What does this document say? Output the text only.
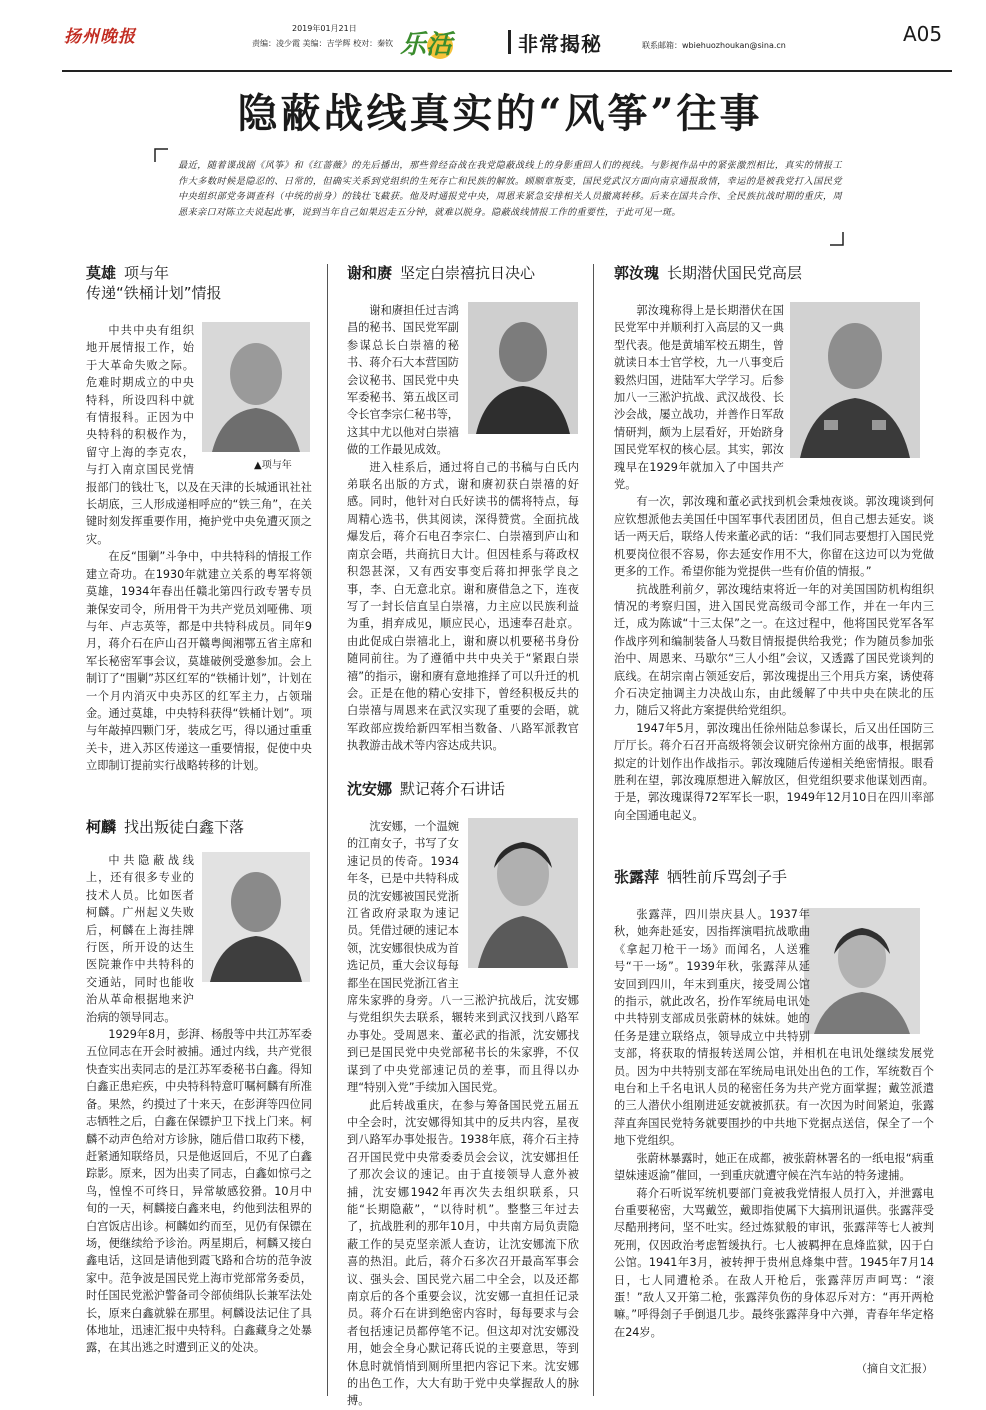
扬州晚报	2019年01月21日
责编：凌少霞 美编：吉学辉 校对：秦钦 乐活	非常揭秘	联系邮箱：wbiehuozhoukan@sina.cn	A05
隐蔽战线真实的“风筝”往事
最近，随着谍战剧《风筝》和《红蔷薇》的先后播出，那些曾经奋战在我党隐蔽战线上的身影重回人们的视线。与影视作品中的紧张激烈相比，真实的情报工作大多数时候是隐忍的、日常的，但确实关系到党组织的生死存亡和民族的解放。顾顺章叛变，国民党武汉方面向南京通报敌情，幸运的是被我党打入国民党中央组织部党务调查科（中统的前身）的钱壮飞截获。他及时通报党中央，周恩来紧急安排相关人员撤离转移。后来在国共合作、全民族抗战时期的重庆，周恩来亲口对陈立夫说起此事，说到当年自己如果迟走五分钟，就难以脱身。隐蔽战线情报工作的重要性，于此可见一斑。
莫雄 项与年
传递“铁桶计划”情报
▲项与年

中共中央有组织地开展情报工作，始于大革命失败之际。危难时期成立的中央特科，所设四科中就有情报科。正因为中央特科的积极作为，留守上海的李克农，与打入南京国民党情报部门的钱壮飞，以及在天津的长城通讯社社长胡底，三人形成递相呼应的“铁三角”，在关键时刻发挥重要作用，掩护党中央免遭灭顶之灾。

在反“围剿”斗争中，中共特科的情报工作建立奇功。在1930年就建立关系的粤军将领莫雄，1934年春出任赣北第四行政专署专员兼保安司令，所用骨干为共产党员刘哑佛、项与年、卢志英等，都是中共特科成员。同年9月，蒋介石在庐山召开赣粤闽湘鄂五省主席和军长秘密军事会议，莫雄破例受邀参加。会上制订了“围剿”苏区红军的“铁桶计划”，计划在一个月内消灭中央苏区的红军主力，占领瑞金。通过莫雄，中央特科获得“铁桶计划”。项与年敲掉四颗门牙，装成乞丐，得以通过重重关卡，进入苏区传递这一重要情报，促使中央立即制订提前实行战略转移的计划。

柯麟 找出叛徒白鑫下落

中共隐蔽战线上，还有很多专业的技术人员。比如医者柯麟。广州起义失败后，柯麟在上海挂牌行医，所开设的达生医院兼作中共特科的交通站，同时也能收治从革命根据地来沪治病的领导同志。

1929年8月，彭湃、杨殷等中共江苏军委五位同志在开会时被捕。通过内线，共产党很快查实出卖同志的是江苏军委秘书白鑫。得知白鑫正患疟疾，中央特科特意叮嘱柯麟有所准备。果然，约摸过了十来天，在彭湃等四位同志牺牲之后，白鑫在保镖护卫下找上门来。柯麟不动声色给对方诊脉，随后借口取药下楼，赶紧通知联络员，只是他返回后，不见了白鑫踪影。原来，因为出卖了同志，白鑫如惊弓之鸟，惶惶不可终日，异常敏感狡猾。10月中旬的一天，柯麟接白鑫来电，约他到法租界的白宫饭店出诊。柯麟如约而至，见仍有保镖在场，便继续给予诊治。两星期后，柯麟又接白鑫电话，这回是请他到霞飞路和合坊的范争波家中。范争波是国民党上海市党部常务委员，时任国民党淞沪警备司令部侦缉队长兼军法处长，原来白鑫就躲在那里。柯麟设法记住了具体地址，迅速汇报中央特科。白鑫藏身之处暴露，在其出逃之时遭到正义的处决。

谢和赓 坚定白崇禧抗日决心

谢和赓担任过吉鸿昌的秘书、国民党军副参谋总长白崇禧的秘书、蒋介石大本营国防会议秘书、国民党中央军委秘书、第五战区司令长官李宗仁秘书等，这其中尤以他对白崇禧做的工作最见成效。

进入桂系后，通过将自己的书稿与白氏内弟联名出版的方式，谢和赓初获白崇禧的好感。同时，他针对白氏好读书的儒将特点，每周精心选书，供其阅读，深得赞赏。全面抗战爆发后，蒋介石电召李宗仁、白崇禧到庐山和南京会晤，共商抗日大计。但因桂系与蒋政权积怨甚深，又有西安事变后蒋扣押张学良之事，李、白无意北京。谢和赓借急之下，连夜写了一封长信直呈白崇禧，力主应以民族利益为重，捐弃成见，顺应民心，迅速奉召赴京。由此促成白崇禧北上，谢和赓以机要秘书身份随同前往。为了遵循中共中央关于“紧跟白崇禧”的指示，谢和赓有意地推择了可以升迁的机会。正是在他的精心安排下，曾经积极反共的白崇禧与周恩来在武汉实现了重要的会晤，就军政部应拨给新四军相当数备、八路军派教官执教游击战术等内容达成共识。

沈安娜 默记蒋介石讲话

沈安娜，一个温婉的江南女子，书写了女速记员的传奇。1934年冬，已是中共特科成员的沈安娜被国民党浙江省政府录取为速记员。凭借过硬的速记本领，沈安娜很快成为首选记员，重大会议每每都坐在国民党浙江省主席朱家骅的身旁。八一三淞沪抗战后，沈安娜与党组织失去联系，辗转来到武汉找到八路军办事处。受周恩来、董必武的指派，沈安娜找到已是国民党中央党部秘书长的朱家骅，不仅谋到了中央党部速记员的差事，而且得以办理“特别入党”手续加入国民党。

此后转战重庆，在参与筹备国民党五届五中全会时，沈安娜得知其中的反共内容，星夜到八路军办事处报告。1938年底，蒋介石主持召开国民党中央常委委员会会议，沈安娜担任了那次会议的速记。由于直接领导人意外被捕，沈安娜1942年再次失去组织联系，只能“长期隐蔽”，“以待时机”。整整三年过去了，抗战胜利的那年10月，中共南方局负责隐蔽工作的吴克坚亲派人查访，让沈安娜流下欣喜的热泪。此后，蒋介石多次召开最高军事会议、强头会、国民党六届二中全会，以及还都南京后的各个重要会议，沈安娜一直担任记录员。蒋介石在讲到绝密内容时，每每要求与会者包括速记员都停笔不记。但这却对沈安娜没用，她会全身心默记蒋氏说的主要意思，等到休息时就悄悄到厕所里把内容记下来。沈安娜的出色工作，大大有助于党中央掌握敌人的脉搏。

郭汝瑰 长期潜伏国民党高层

郭汝瑰称得上是长期潜伏在国民党军中并顺利打入高层的又一典型代表。他是黄埔军校五期生，曾就读日本士官学校，九一八事变后毅然归国，进陆军大学学习。后参加八一三淞沪抗战、武汉战役、长沙会战，屡立战功，并善作日军敌情研判，颇为上层看好，开始跻身国民党军权的核心层。其实，郭汝瑰早在1929年就加入了中国共产党。

有一次，郭汝瑰和董必武找到机会秉烛夜谈。郭汝瑰谈到何应钦想派他去美国任中国军事代表团团员，但自己想去延安。谈话一两天后，联络人传来董必武的话：“我们同志要想打入国民党机要岗位很不容易，你去延安作用不大，你留在这边可以为党做更多的工作。希望你能为党提供一些有价值的情报。”

抗战胜利前夕，郭汝瑰结束将近一年的对美国国防机构组织情况的考察归国，进入国民党高级司令部工作，并在一年内三迁，成为陈诚“十三太保”之一。在这过程中，他将国民党军各军作战序列和编制装备人马数目情报提供给我党；作为随员参加张治中、周恩来、马歇尔“三人小组”会议，又透露了国民党谈判的底线。在胡宗南占领延安后，郭汝瑰提出三个用兵方案，诱使蒋介石决定抽调主力决战山东，由此缓解了中共中央在陕北的压力，随后又将此方案提供给党组织。

1947年5月，郭汝瑰出任徐州陆总参谋长，后又出任国防三厅厅长。蒋介石召开高级将领会议研究徐州方面的战事，根据郭拟定的计划作出作战指示。郭汝瑰随后传递相关绝密情报。眼看胜利在望，郭汝瑰原想进入解放区，但党组织要求他谋划西南。于是，郭汝瑰谋得72军军长一职，1949年12月10日在四川率部向全国通电起义。

张露萍 牺牲前斥骂刽子手

张露萍，四川崇庆县人。1937年秋，她奔赴延安，因指挥演唱抗战歌曲《拿起刀枪干一场》而闻名，人送雅号“干一场”。1939年秋，张露萍从延安回到四川，年末到重庆，接受周公馆的指示，就此改名，扮作军统局电讯处中共特别支部成员张蔚林的妹妹。她的任务是建立联络点，领导成立中共特别支部，将获取的情报转送周公馆，并相机在电讯处继续发展党员。因为中共特别支部在军统局电讯处出色的工作，军统数百个电台和上千名电讯人员的秘密任务为共产党方面掌握；戴笠派遣的三人潜伏小组刚进延安就被抓获。有一次因为时间紧迫，张露萍直奔国民党特务就要围抄的中共地下党据点送信，保全了一个地下党组织。

张蔚林暴露时，她正在成都，被张蔚林署名的一纸电报“病重望妹速返渝”催回，一到重庆就遭守候在汽车站的特务逮捕。

蒋介石听说军统机要部门竟被我党情报人员打入，并泄露电台重要秘密，大骂戴笠，戴即指使属下大搞刑讯逼供。张露萍受尽酷刑拷问，坚不吐实。经过炼狱般的审讯，张露萍等七人被判死刑，仅因政治考虑暂缓执行。七人被羁押在息烽监狱，囚于白公馆。1941年3月，被转押于贵州息烽集中营。1945年7月14日，七人同遭枪杀。在敌人开枪后，张露萍厉声呵骂：“滚蛋！”敌人又开第二枪，张露萍负伤的身体忍斥对方：“再开两枪嘛。”呼得刽子手倒退几步。最终张露萍身中六弹，青春年华定格在24岁。

（摘自文汇报）
